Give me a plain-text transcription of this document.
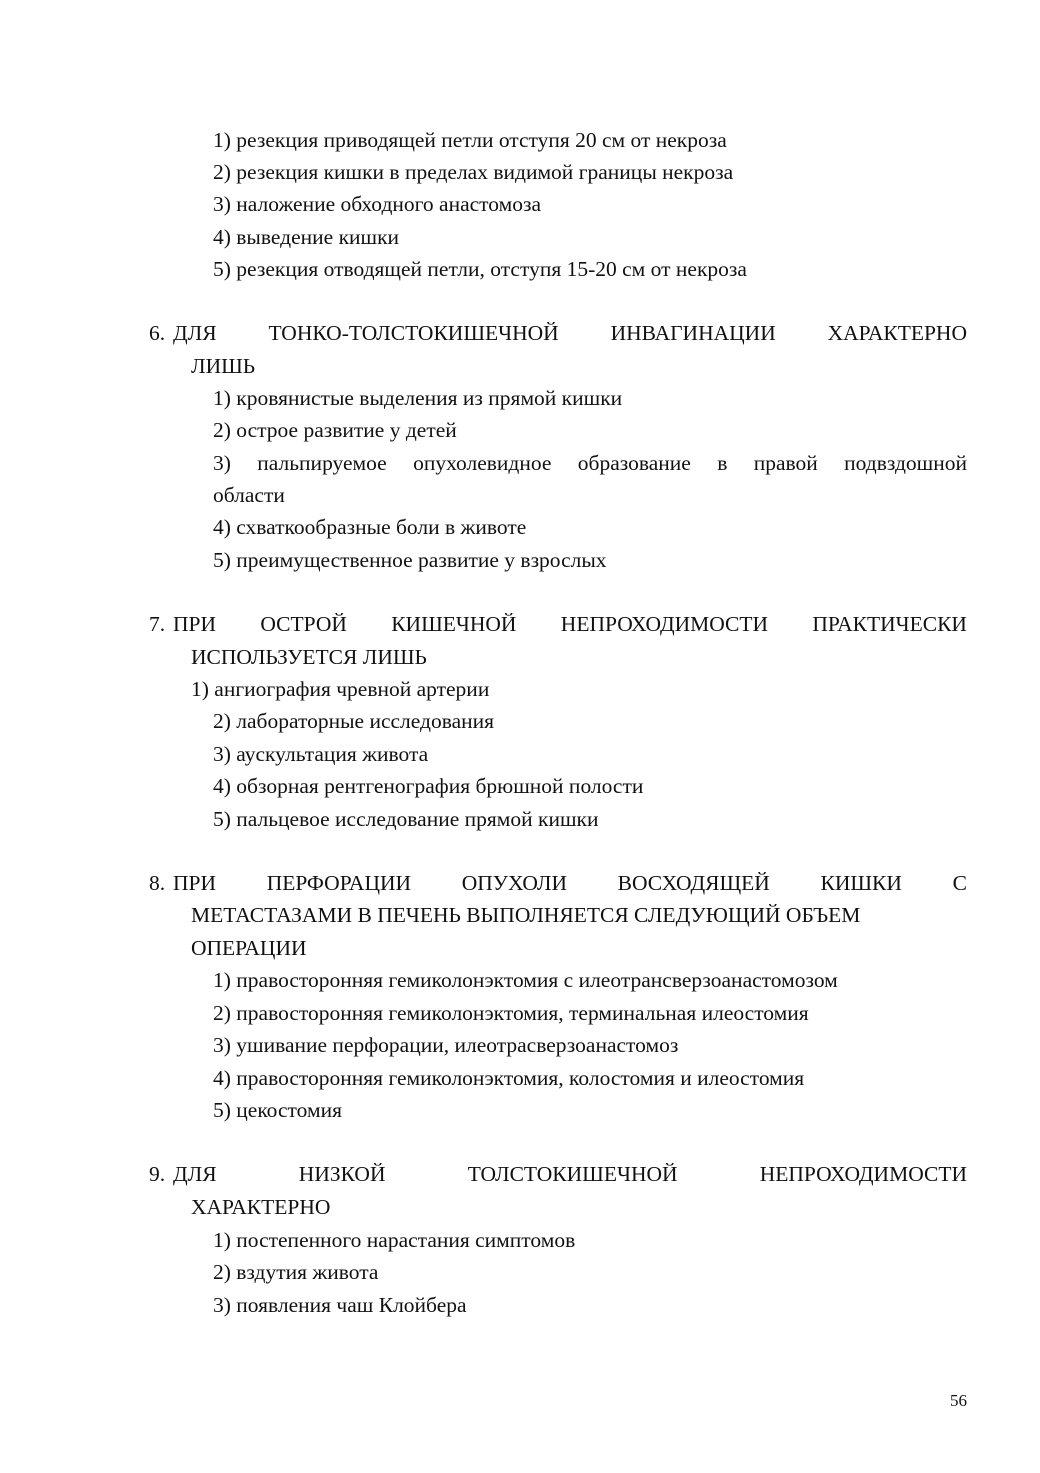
1) резекция приводящей петли отступя 20 см от некроза
2) резекция кишки в пределах видимой границы некроза
3) наложение обходного анастомоза
4) выведение кишки
5) резекция отводящей петли, отступя 15-20 см от некроза
6. ДЛЯ ТОНКО-ТОЛСТОКИШЕЧНОЙ ИНВАГИНАЦИИ ХАРАКТЕРНО
ЛИШЬ
1) кровянистые выделения из прямой кишки
2) острое развитие у детей
3) пальпируемое опухолевидное образование в правой подвздошной
области
4) схваткообразные боли в животе
5) преимущественное развитие у взрослых
7. ПРИ ОСТРОЙ КИШЕЧНОЙ НЕПРОХОДИМОСТИ ПРАКТИЧЕСКИ
ИСПОЛЬЗУЕТСЯ ЛИШЬ
1) ангиография чревной артерии
2) лабораторные исследования
3) аускультация живота
4) обзорная рентгенография брюшной полости
5) пальцевое исследование прямой кишки
8. ПРИ ПЕРФОРАЦИИ ОПУХОЛИ ВОСХОДЯЩЕЙ КИШКИ С
МЕТАСТАЗАМИ В ПЕЧЕНЬ ВЫПОЛНЯЕТСЯ СЛЕДУЮЩИЙ ОБЪЕМ
ОПЕРАЦИИ
1) правосторонняя гемиколонэктомия с илеотрансверзоанастомозом
2) правосторонняя гемиколонэктомия, терминальная илеостомия
3) ушивание перфорации, илеотрасверзоанастомоз
4) правосторонняя гемиколонэктомия, колостомия и илеостомия
5) цекостомия
9. ДЛЯ	НИЗКОЙ	ТОЛСТОКИШЕЧНОЙ	НЕПРОХОДИМОСТИ
ХАРАКТЕРНО
1) постепенного нарастания симптомов
2) вздутия живота
3) появления чаш Клойбера
56
